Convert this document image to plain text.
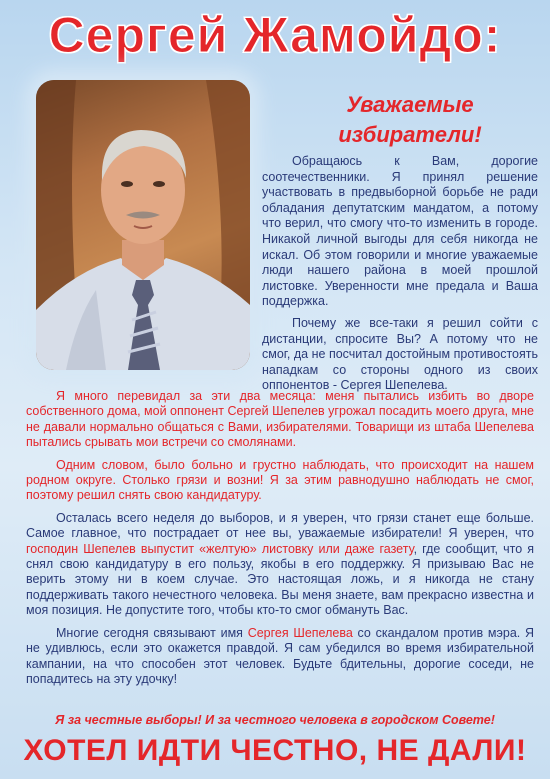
Сергей Жамойдо:
Уважаемые избиратели!

Обращаюсь к Вам, дорогие соотечественники. Я принял решение участвовать в предвыборной борьбе не ради обладания депутатским мандатом, а потому что верил, что смогу что-то изменить в городе. Никакой личной выгоды для себя никогда не искал. Об этом говорили и многие уважаемые люди нашего района в моей прошлой листовке. Уверенности мне предала и Ваша поддержка.

Почему же все-таки я решил сойти с дистанции, спросите Вы? А потому что не смог, да не посчитал достойным противостоять нападкам со стороны одного из своих оппонентов - Сергея Шепелева.

Я много перевидал за эти два месяца: меня пытались избить во дворе собственного дома, мой оппонент Сергей Шепелев угрожал посадить моего друга, мне не давали нормально общаться с Вами, избирателями. Товарищи из штаба Шепелева пытались срывать мои встречи со смолянами.

Одним словом, было больно и грустно наблюдать, что происходит на нашем родном округе. Столько грязи и возни! Я за этим равнодушно наблюдать не смог, поэтому решил снять свою кандидатуру.

Осталась всего неделя до выборов, и я уверен, что грязи станет еще больше. Самое главное, что пострадает от нее вы, уважаемые избиратели! Я уверен, что господин Шепелев выпустит «желтую» листовку или даже газету, где сообщит, что я снял свою кандидатуру в его пользу, якобы в его поддержку. Я призываю Вас не верить этому ни в коем случае. Это настоящая ложь, и я никогда не стану поддерживать такого нечестного человека. Вы меня знаете, вам прекрасно известна и моя позиция. Не допустите того, чтобы кто-то смог обмануть Вас.

Многие сегодня связывают имя Сергея Шепелева со скандалом против мэра. Я не удивлюсь, если это окажется правдой. Я сам убедился во время избирательной кампании, на что способен этот человек. Будьте бдительны, дорогие соседи, не попадитесь на эту удочку!

Я за честные выборы! И за честного человека в городском Совете!
ХОТЕЛ ИДТИ ЧЕСТНО, НЕ ДАЛИ!
